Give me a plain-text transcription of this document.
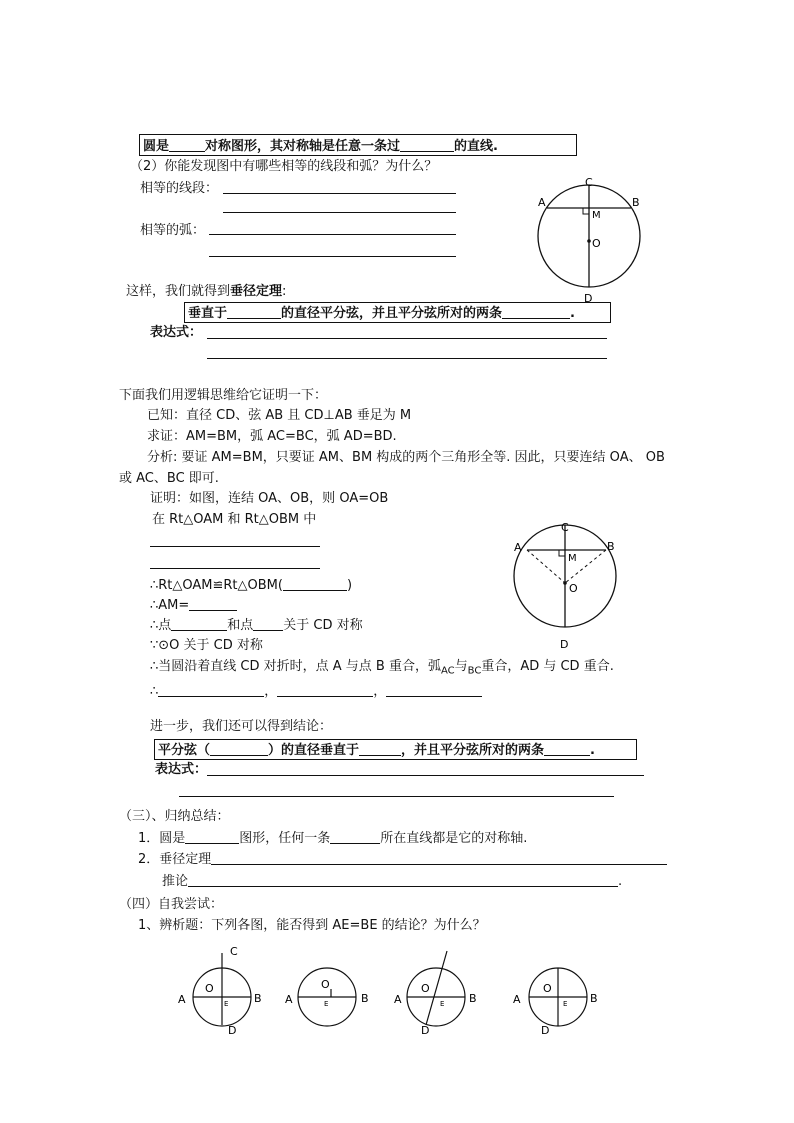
圆是	对称图形，其对称轴是任意一条过	的直线.
（2）你能发现图中有哪些相等的线段和弧？为什么？
相等的线段：
相等的弧：
C
A	B
M
O
D
这样，我们就得到垂径定理:
垂直于	的直径平分弦，并且平分弦所对的两条	.
表达式：
下面我们用逻辑思维给它证明一下：
已知：直径 CD、弦 AB 且 CD⊥AB 垂足为 M
求证：AM=BM，弧 AC=BC，弧 AD=BD.
分析: 要证 AM=BM，只要证 AM、BM 构成的两个三角形全等. 因此，只要连结 OA、 OB
或 AC、BC 即可.
证明：如图，连结 OA、OB，则 OA=OB
在 Rt△OAM 和 Rt△OBM 中
∴Rt△OAM≌Rt△OBM(	)
∴AM=
∴点	和点 关于 CD 对称
∵⊙O 关于 CD 对称
∴当圆沿着直线 CD 对折时，点 A 与点 B 重合，弧$_{AC}$与$_{BC}$重合，AD 与 CD 重合.
∴	，	，
C
A	B
M
O
D
进一步，我们还可以得到结论：
平分弦（	）的直径垂直于	，并且平分弦所对的两条	.
表达式：
（三）、归纳总结：
1．圆是	图形，任何一条	所在直线都是它的对称轴.
2．垂径定理
推论	.
（四）自我尝试：
1、辨析题：下列各图，能否得到 AE=BE 的结论？为什么？
C
O
A	B
E
D
O
A	B
E
O
A	B
E
D
O
A	B
E
D
